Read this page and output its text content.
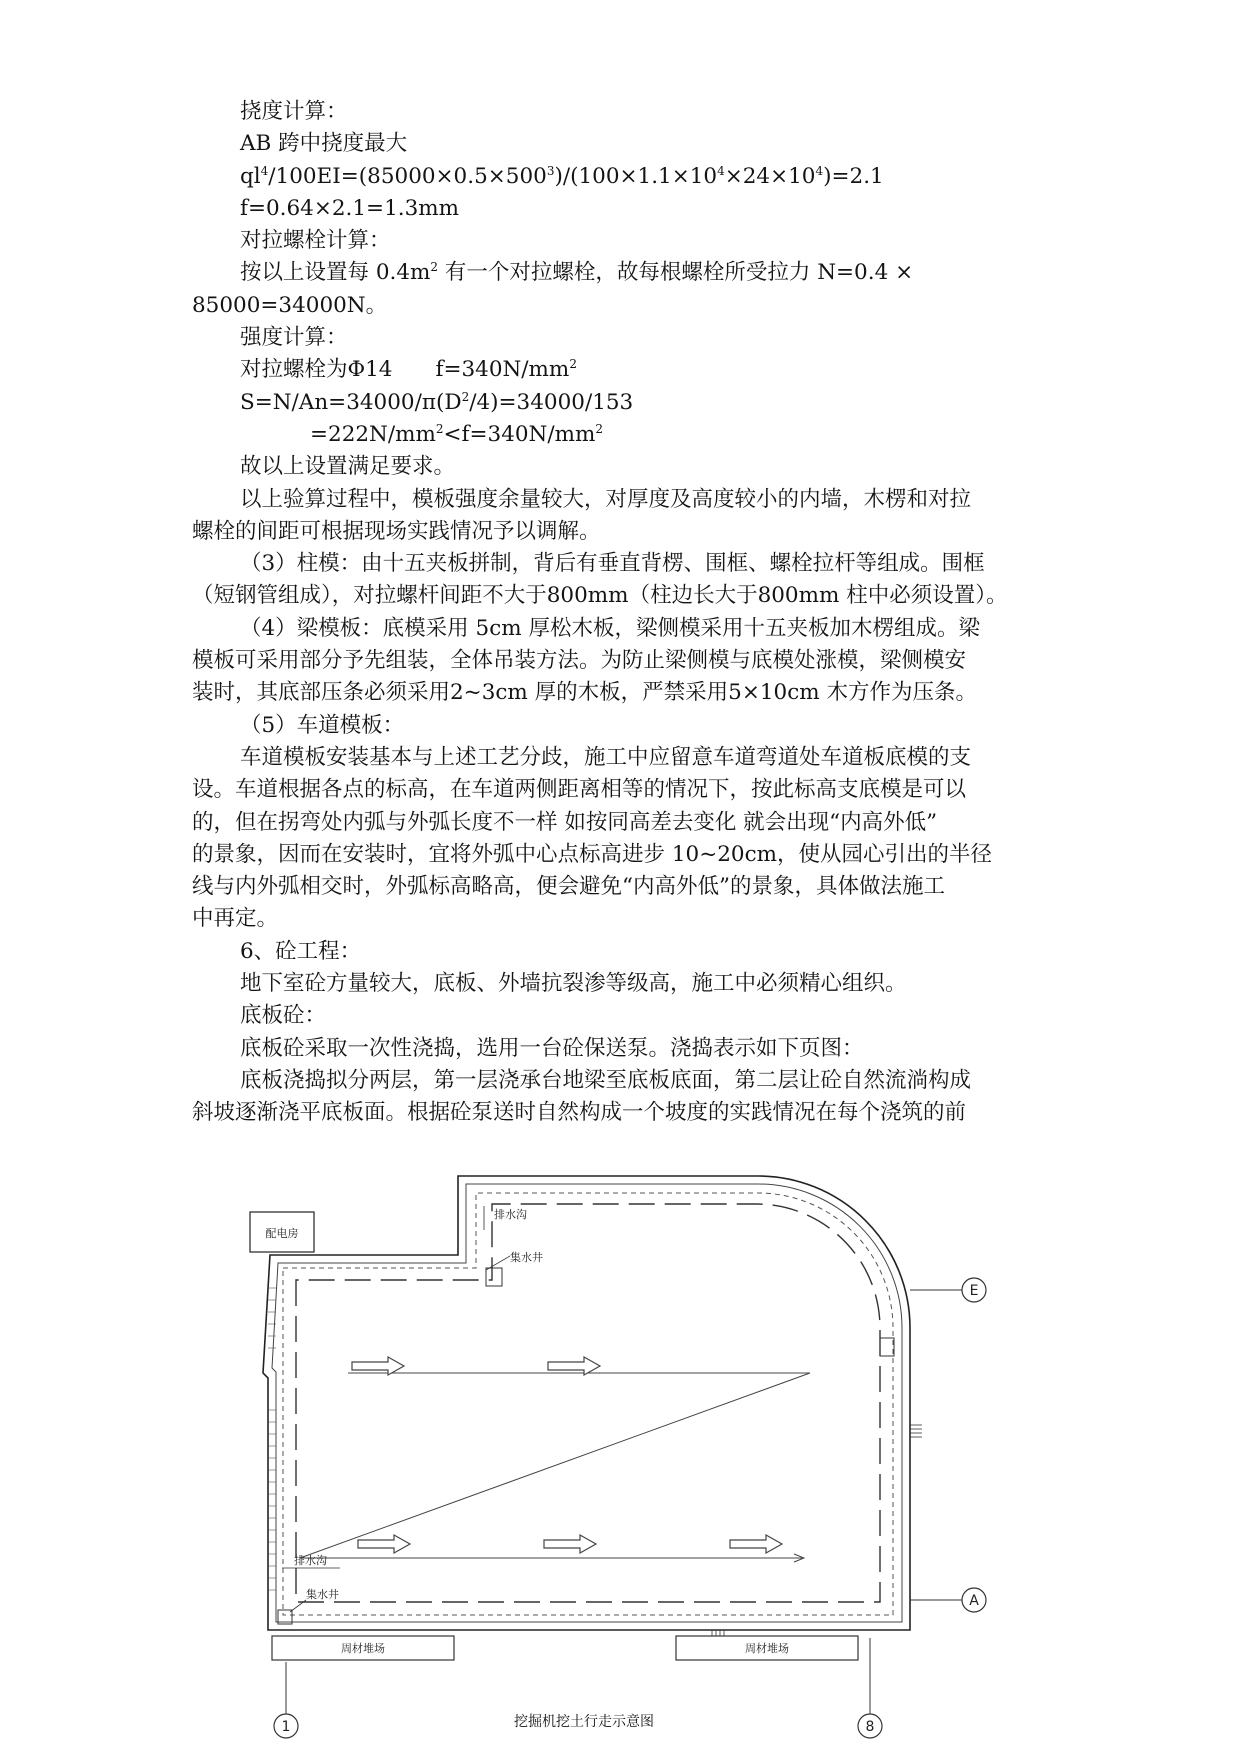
挠度计算：
AB 跨中挠度最大
$ql^4/100EI=(85000\times 0.5\times 500^3)/(100\times 1.1\times 10^4\times 24\times 10^4)=2.1$
f=0.64×2.1=1.3mm
对拉螺栓计算：
按以上设置每 $0.4m^2$ 有一个对拉螺栓，故每根螺栓所受拉力 N=0.4 ×
85000=34000N。
强度计算：
对拉螺栓为Φ14　　$f=340N/mm^2$
$S=N/An=34000/\pi(D^2/4)=34000/153$
$=222N/mm^2<f=340N/mm^2$
故以上设置满足要求。
以上验算过程中，模板强度余量较大，对厚度及高度较小的内墙，木楞和对拉
螺栓的间距可根据现场实践情况予以调解。
（3）柱模：由十五夹板拼制，背后有垂直背楞、围框、螺栓拉杆等组成。围框
（短钢管组成），对拉螺杆间距不大于800mm（柱边长大于800mm 柱中必须设置）。
（4）梁模板：底模采用 5cm 厚松木板，梁侧模采用十五夹板加木楞组成。梁
模板可采用部分予先组装，全体吊装方法。为防止梁侧模与底模处涨模，梁侧模安
装时，其底部压条必须采用2~3cm 厚的木板，严禁采用5×10cm 木方作为压条。
（5）车道模板：
车道模板安装基本与上述工艺分歧，施工中应留意车道弯道处车道板底模的支
设。车道根据各点的标高，在车道两侧距离相等的情况下，按此标高支底模是可以
的，但在拐弯处内弧与外弧长度不一样 如按同高差去变化 就会出现“内高外低”
的景象，因而在安装时，宜将外弧中心点标高进步 10~20cm，使从园心引出的半径
线与内外弧相交时，外弧标高略高，便会避免“内高外低”的景象，具体做法施工
中再定。
6、砼工程：
地下室砼方量较大，底板、外墙抗裂渗等级高，施工中必须精心组织。
底板砼：
底板砼采取一次性浇捣，选用一台砼保送泵。浇捣表示如下页图：
底板浇捣拟分两层，第一层浇承台地梁至底板底面，第二层让砼自然流淌构成
斜坡逐渐浇平底板面。根据砼泵送时自然构成一个坡度的实践情况在每个浇筑的前
配电房
排水沟
集水井
排水沟
集水井
E
A
周材堆场	周材堆场
1	8
挖掘机挖土行走示意图
